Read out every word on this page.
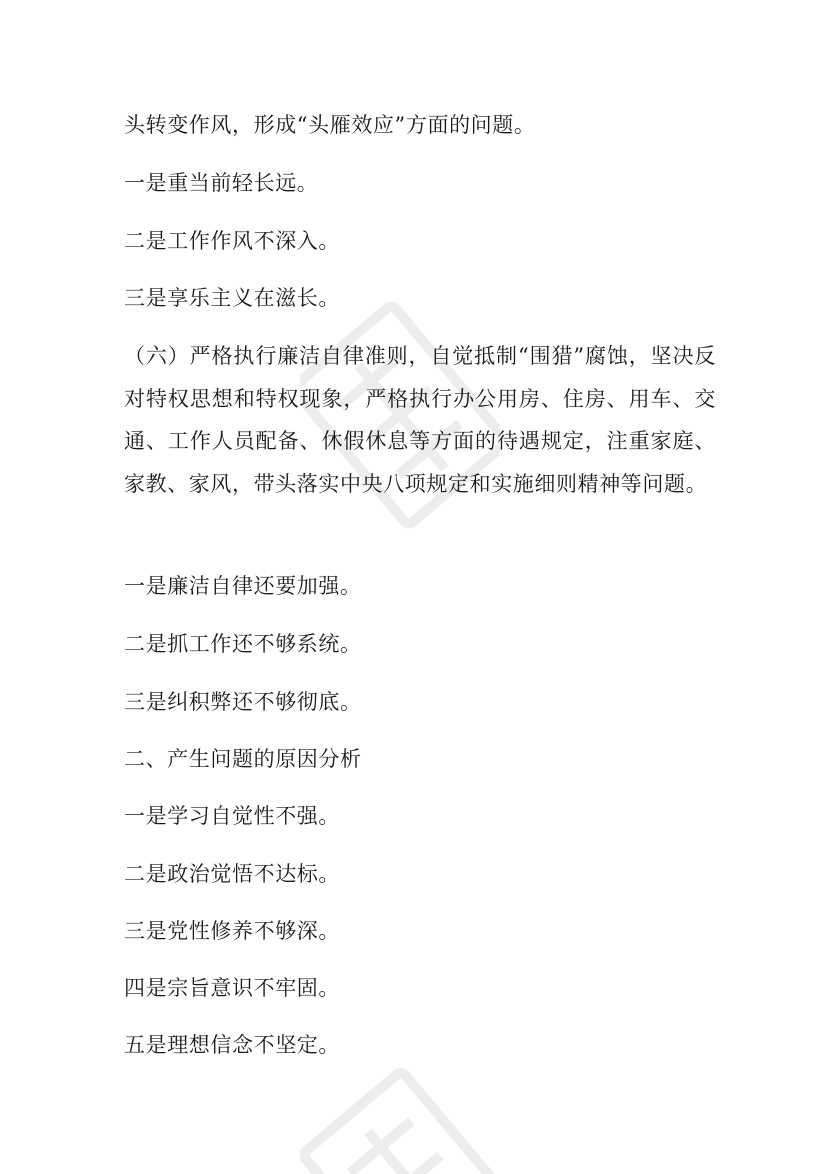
头转变作风，形成“头雁效应”方面的问题。
一是重当前轻长远。
二是工作作风不深入。
三是享乐主义在滋长。
（六）严格执行廉洁自律准则，自觉抵制“围猎”腐蚀，坚决反对特权思想和特权现象，严格执行办公用房、住房、用车、交通、工作人员配备、休假休息等方面的待遇规定，注重家庭、家教、家风，带头落实中央八项规定和实施细则精神等问题。
一是廉洁自律还要加强。
二是抓工作还不够系统。
三是纠积弊还不够彻底。
二、产生问题的原因分析
一是学习自觉性不强。
二是政治觉悟不达标。
三是党性修养不够深。
四是宗旨意识不牢固。
五是理想信念不坚定。
